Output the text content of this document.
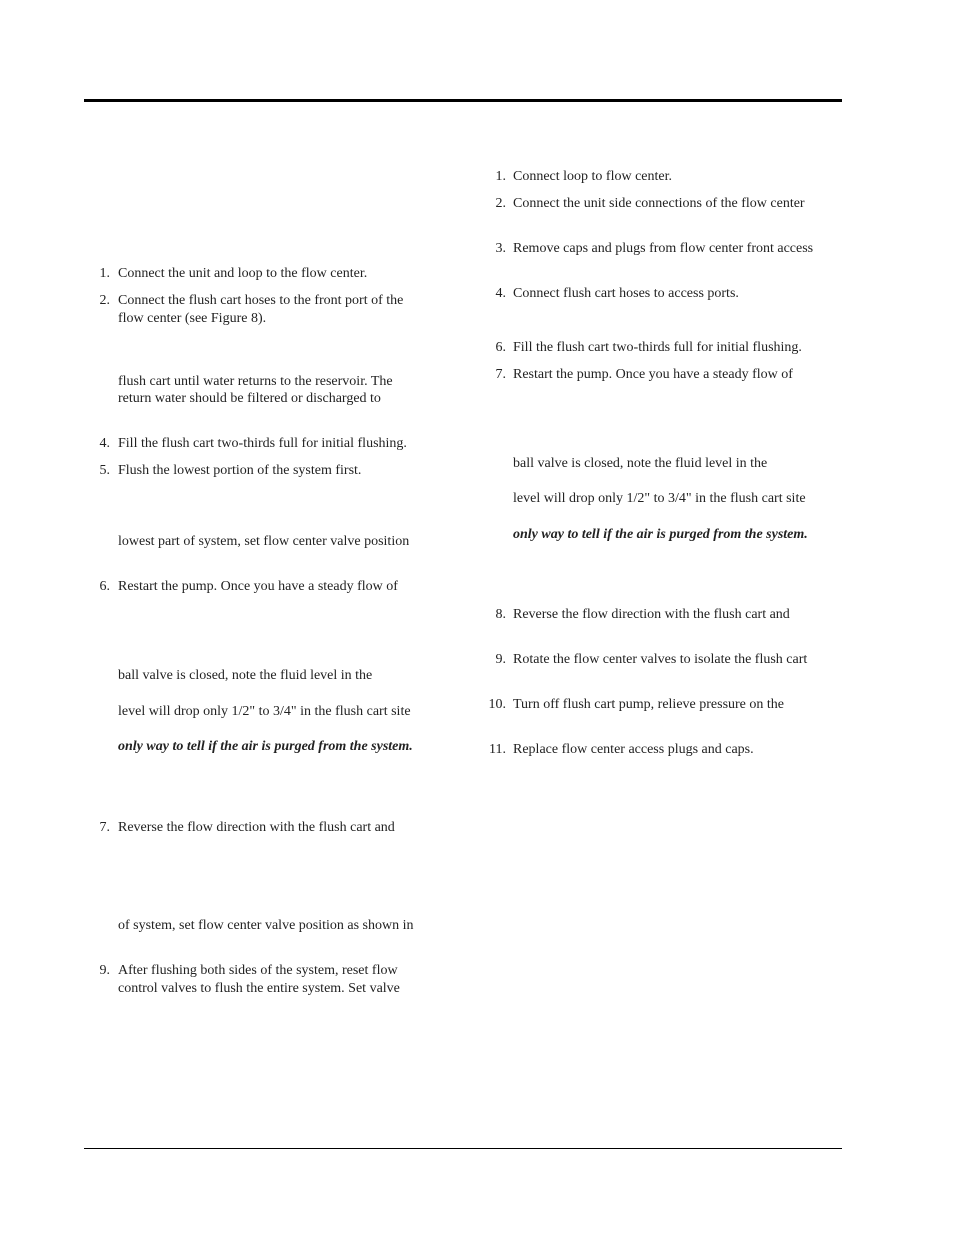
1. Connect the unit and loop to the flow center.
2. Connect the flush cart hoses to the front port of the
flow center (see Figure 8).
flush cart until water returns to the reservoir. The
return water should be filtered or discharged to
4. Fill the flush cart two-thirds full for initial flushing.
5. Flush the lowest portion of the system first.
lowest part of system, set flow center valve position
6. Restart the pump. Once you have a steady flow of
ball valve is closed, note the fluid level in the
level will drop only 1/2" to 3/4" in the flush cart site
only way to tell if the air is purged from the system.
7. Reverse the flow direction with the flush cart and
of system, set flow center valve position as shown in
9. After flushing both sides of the system, reset flow
control valves to flush the entire system. Set valve
1. Connect loop to flow center.
2. Connect the unit side connections of the flow center
3. Remove caps and plugs from flow center front access
4. Connect flush cart hoses to access ports.
6. Fill the flush cart two-thirds full for initial flushing.
7. Restart the pump. Once you have a steady flow of
ball valve is closed, note the fluid level in the
level will drop only 1/2" to 3/4" in the flush cart site
only way to tell if the air is purged from the system.
8. Reverse the flow direction with the flush cart and
9. Rotate the flow center valves to isolate the flush cart
10. Turn off flush cart pump, relieve pressure on the
11. Replace flow center access plugs and caps.
